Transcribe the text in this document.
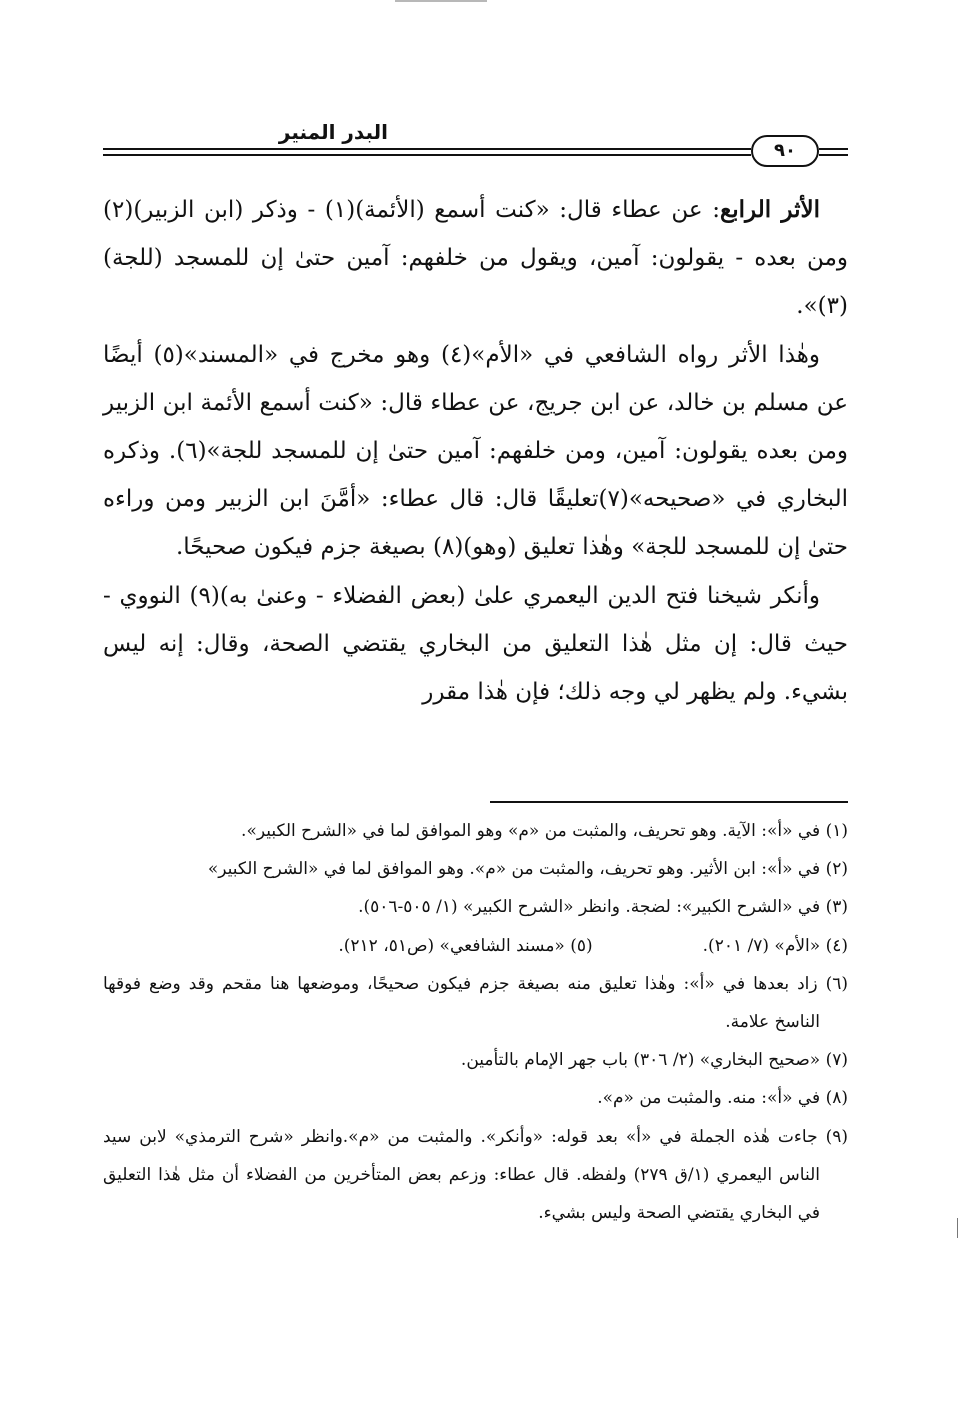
البدر المنير
٩٠

الأثر الرابع: عن عطاء قال: «كنت أسمع (الأئمة)(١) - وذكر (ابن الزبير)(٢) ومن بعده - يقولون: آمين، ويقول من خلفهم: آمين حتىٰ إن للمسجد (للجة)(٣)».

وهٰذا الأثر رواه الشافعي في «الأم»(٤) وهو مخرج في «المسند»(٥) أيضًا عن مسلم بن خالد، عن ابن جريج، عن عطاء قال: «كنت أسمع الأئمة ابن الزبير ومن بعده يقولون: آمين، ومن خلفهم: آمين حتىٰ إن للمسجد للجة»(٦). وذكره البخاري في «صحيحه»(٧)تعليقًا قال: قال عطاء: «أمَّنَ ابن الزبير ومن وراءه حتىٰ إن للمسجد للجة» وهٰذا تعليق (وهو)(٨) بصيغة جزم فيكون صحيحًا.

وأنكر شيخنا فتح الدين اليعمري علىٰ (بعض الفضلاء - وعنىٰ به)(٩) النووي - حيث قال: إن مثل هٰذا التعليق من البخاري يقتضي الصحة، وقال: إنه ليس بشيء. ولم يظهر لي وجه ذلك؛ فإن هٰذا مقرر

(١) في «أ»: الآية. وهو تحريف، والمثبت من «م» وهو الموافق لما في «الشرح الكبير».

(٢) في «أ»: ابن الأثير. وهو تحريف، والمثبت من «م». وهو الموافق لما في «الشرح الكبير»

(٣) في «الشرح الكبير»: لضجة. وانظر «الشرح الكبير» (١/ ٥٠٥-٥٠٦).

(٤) «الأم» (٧/ ٢٠١).

(٥) «مسند الشافعي» (ص٥١، ٢١٢).

(٦) زاد بعدها في «أ»: وهٰذا تعليق منه بصيغة جزم فيكون صحيحًا، وموضعها هنا مقحم وقد وضع فوقها الناسخ علامة.

(٧) «صحيح البخاري» (٢/ ٣٠٦) باب جهر الإمام بالتأمين.

(٨) في «أ»: منه. والمثبت من «م».

(٩) جاءت هٰذه الجملة في «أ» بعد قوله: «وأنكر». والمثبت من «م».وانظر «شرح الترمذي» لابن سيد الناس اليعمري (١/ق ٢٧٩) ولفظه. قال عطاء: وزعم بعض المتأخرين من الفضلاء أن مثل هٰذا التعليق في البخاري يقتضي الصحة وليس بشيء.
